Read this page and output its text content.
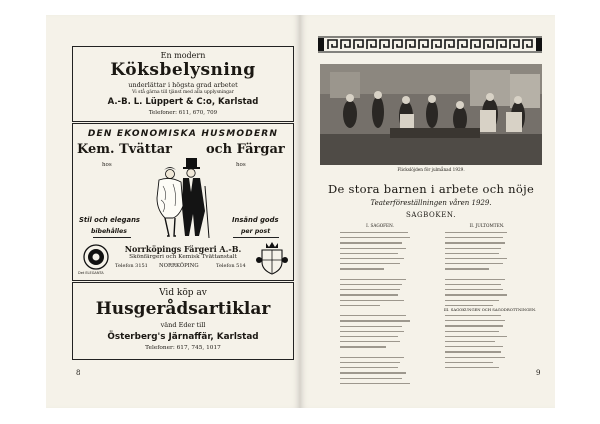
En modern
Köksbelysning
underlättar i högsta grad arbetet
Vi stå gärna till tjänst med alla upplysningar
A.-B. L. Lüppert & C:o, Karlstad
Telefoner: 611, 670, 709
DEN EKONOMISKA HUSMODERN
Kem. Tvättar	och Färgar
hos	hos
Stil och elegans
bibehålles
Insänd gods
per post
Det ELEGANTA
Norrköpings Färgeri A.-B.
Skönfärgeri och Kemisk Tvättanstalt
Telefon 3151 NORRKÖPING	Telefon 514
Vid köp av
Husgerådsartiklar
vänd Eder till
Österberg's Järnaffär, Karlstad
Telefoner: 617, 745, 1017
8
Flickslöjden för julmånad 1929.
De stora barnen i arbete och nöje
Teaterföreställningen våren 1929.
SAGBOKEN.
I. SAGOFEN.	II. JULTOMTEN.
III. SAGOKUNGEN OCH SAGODROTTNINGEN.
9
